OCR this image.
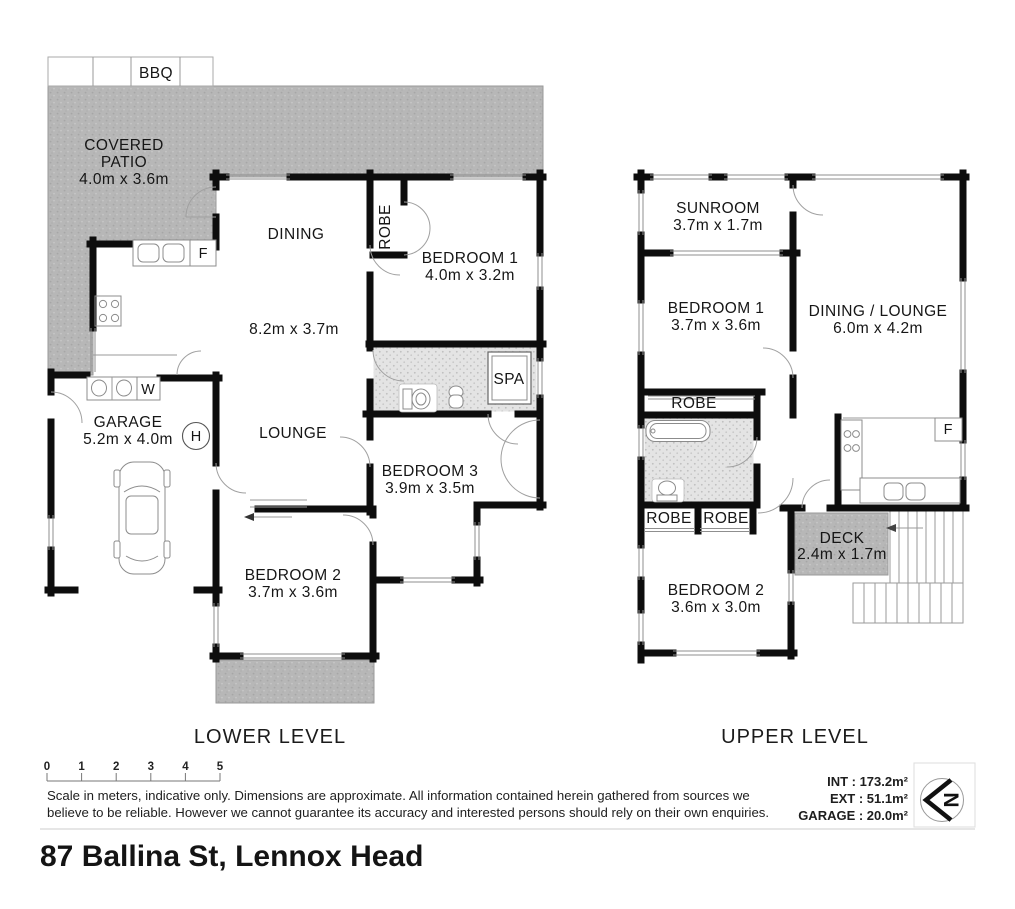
BBQ
COVERED
PATIO
4.0m x 3.6m
DINING
8.2m x 3.7m
ROBE
BEDROOM 1
4.0m x 3.2m
SPA
F
W
H
GARAGE
5.2m x 4.0m	LOUNGE
BEDROOM 3
3.9m x 3.5m
BEDROOM 2
3.7m x 3.6m
LOWER LEVEL
SUNROOM
3.7m x 1.7m
BEDROOM 1
3.7m x 3.6m
DINING / LOUNGE
6.0m x 4.2m
ROBE
ROBE ROBE
DECK
2.4m x 1.7m
BEDROOM 2
3.6m x 3.0m
F
UPPER LEVEL
0 1 2 3 4 5
Scale in meters, indicative only. Dimensions are approximate. All information contained herein gathered from sources we
believe to be reliable. However we cannot guarantee its accuracy and interested persons should rely on their own enquiries.
INT : 173.2m²
EXT : 51.1m²
GARAGE : 20.0m²
N
87 Ballina St, Lennox Head
